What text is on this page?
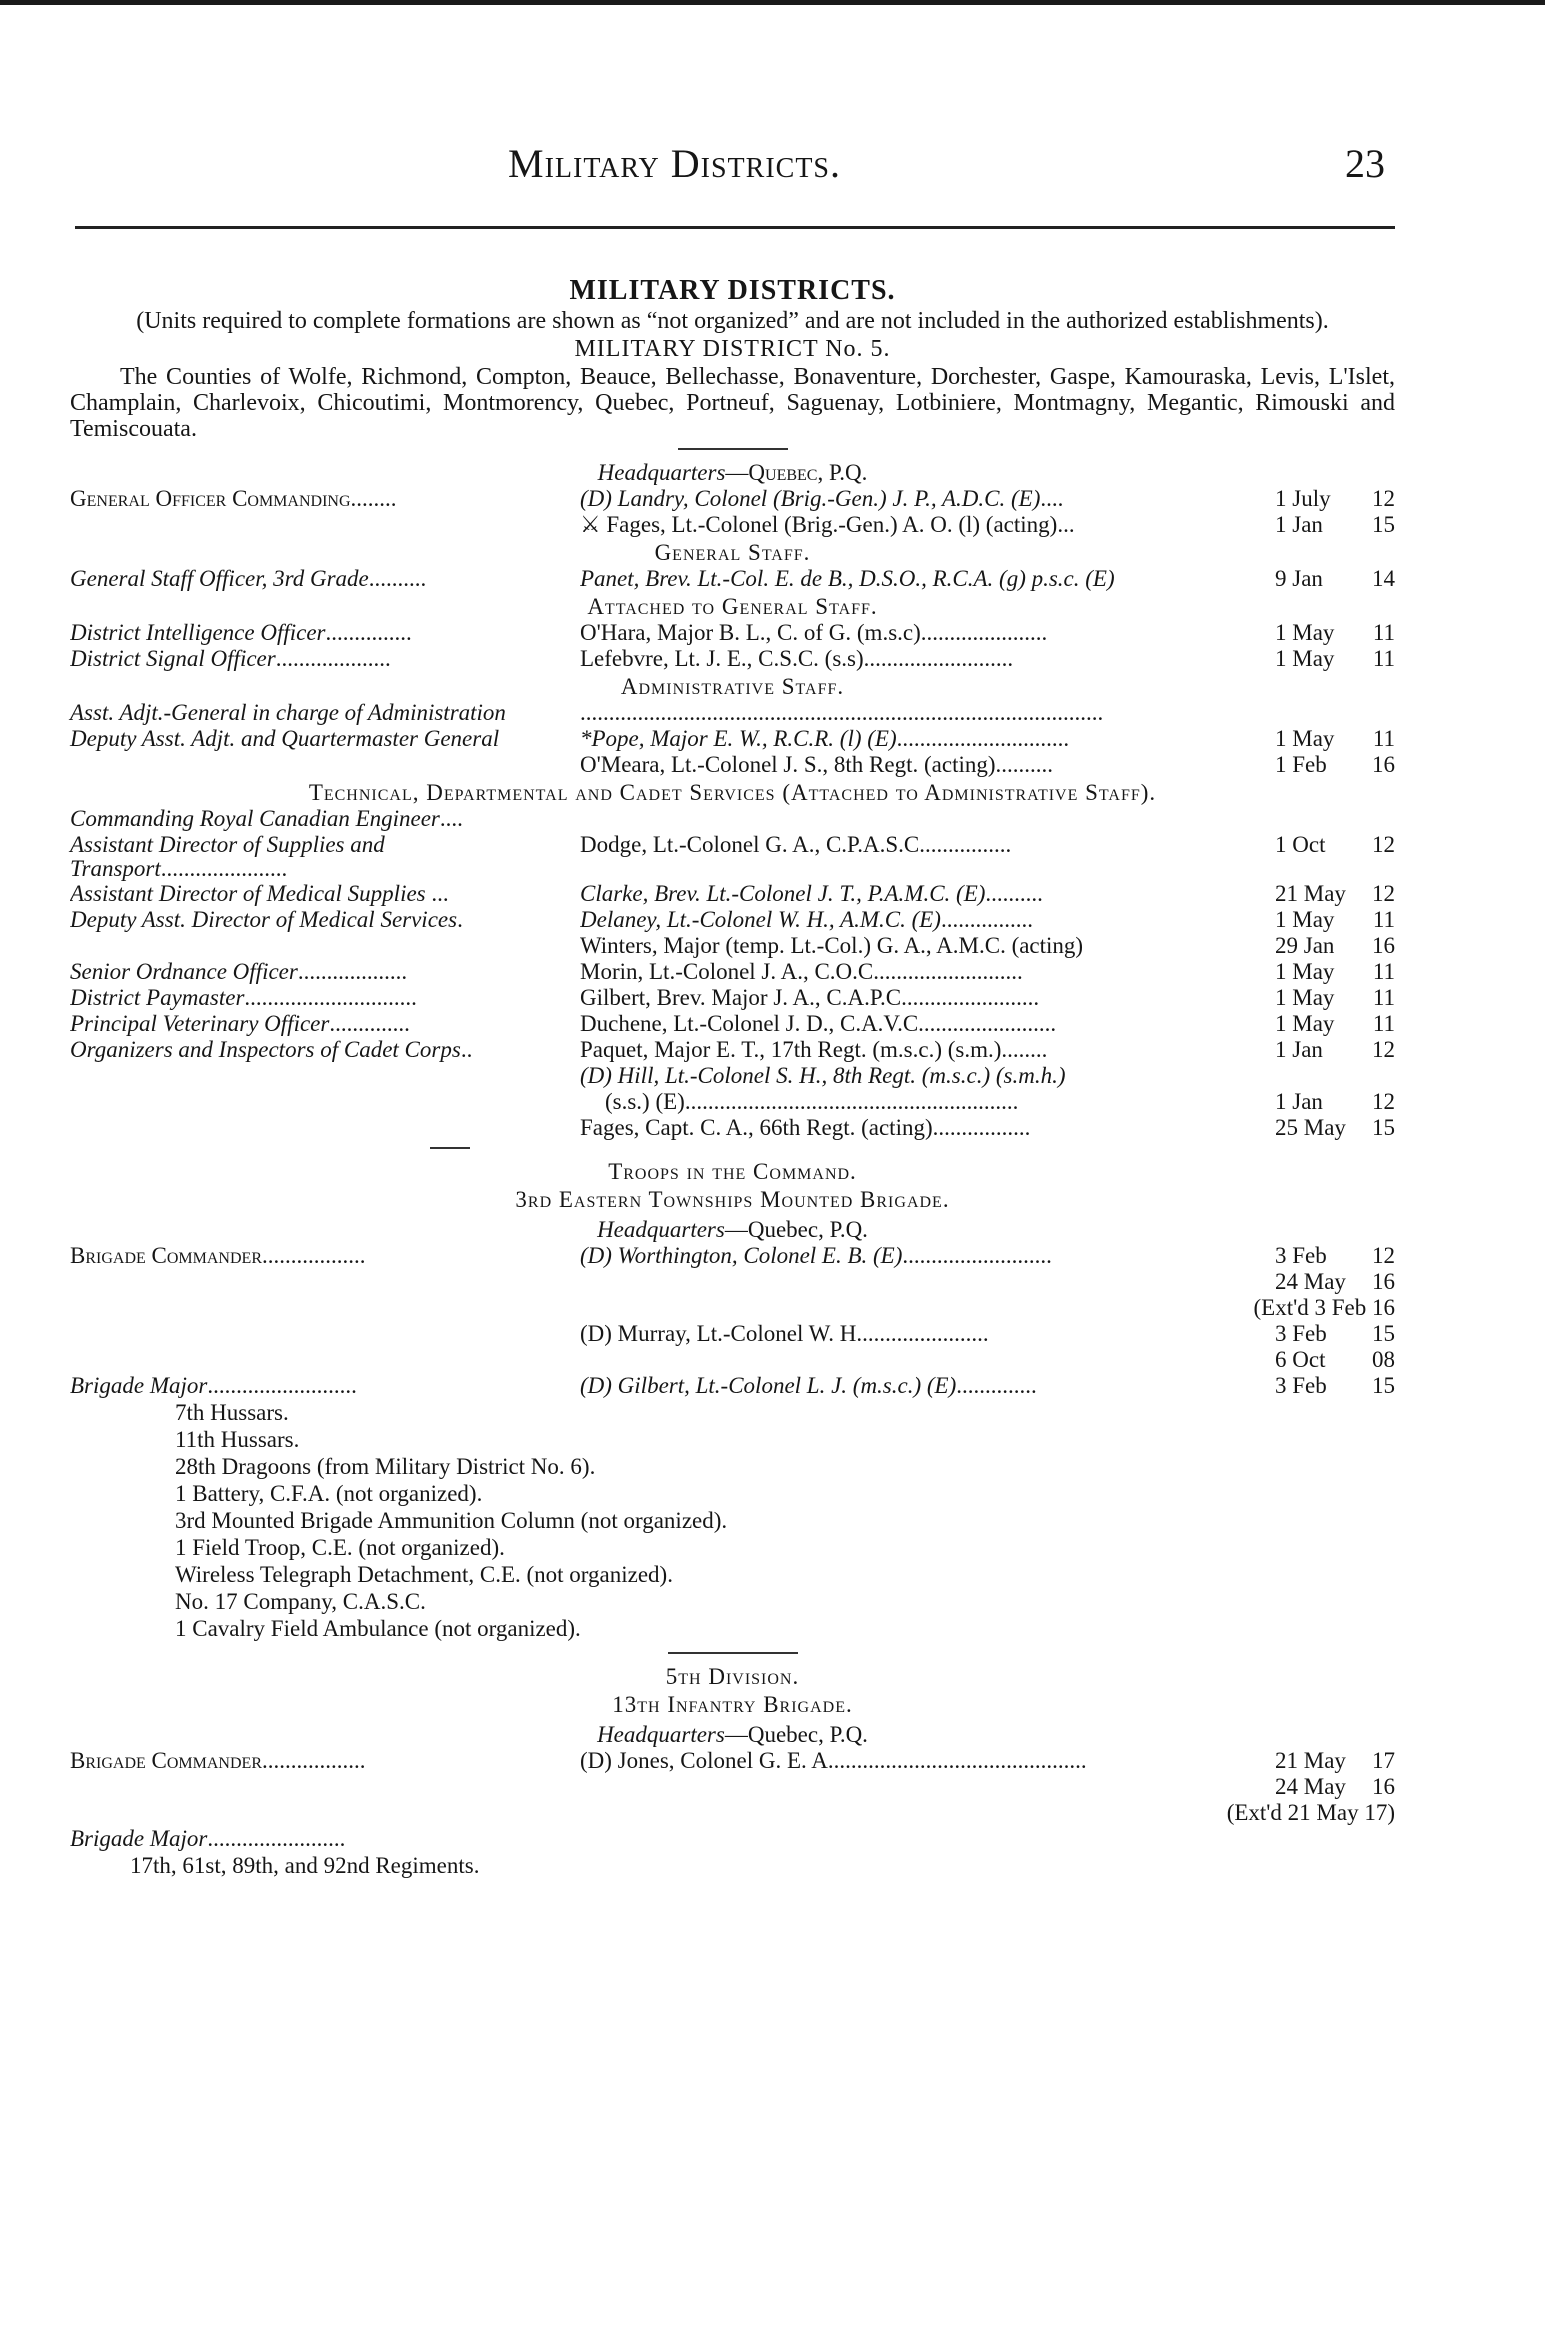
Military Districts.	23
MILITARY DISTRICTS.
(Units required to complete formations are shown as “not organized” and are not included in the authorized establishments).
MILITARY DISTRICT No. 5.
The Counties of Wolfe, Richmond, Compton, Beauce, Bellechasse, Bonaventure, Dorchester, Gaspe, Kamouraska, Levis, L'Islet, Champlain, Charlevoix, Chicoutimi, Montmorency, Quebec, Portneuf, Saguenay, Lotbiniere, Montmagny, Megantic, Rimouski and Temiscouata.
Headquarters—Quebec, P.Q.
General Officer Commanding........	(D) Landry, Colonel (Brig.-Gen.) J. P., A.D.C. (E)....	1 July	12
⚔ Fages, Lt.-Colonel (Brig.-Gen.) A. O. (l) (acting)...	1 Jan	15
General Staff.
General Staff Officer, 3rd Grade..........	Panet, Brev. Lt.-Col. E. de B., D.S.O., R.C.A. (g) p.s.c. (E)	9 Jan	14
Attached to General Staff.
District Intelligence Officer...............	O'Hara, Major B. L., C. of G. (m.s.c)......................	1 May	11
District Signal Officer....................	Lefebvre, Lt. J. E., C.S.C. (s.s)..........................	1 May	11
Administrative Staff.
Asst. Adjt.-General in charge of Administration	...........................................................................................
Deputy Asst. Adjt. and Quartermaster General	*Pope, Major E. W., R.C.R. (l) (E)..............................	1 May	11
O'Meara, Lt.-Colonel J. S., 8th Regt. (acting)..........	1 Feb	16
Technical, Departmental and Cadet Services (Attached to Administrative Staff).
Commanding Royal Canadian Engineer....
Assistant Director of Supplies and Transport......................
Dodge, Lt.-Colonel G. A., C.P.A.S.C................	1 Oct	12
Assistant Director of Medical Supplies ...	Clarke, Brev. Lt.-Colonel J. T., P.A.M.C. (E)..........	21 May	12
Deputy Asst. Director of Medical Services.	Delaney, Lt.-Colonel W. H., A.M.C. (E)................	1 May	11
Winters, Major (temp. Lt.-Col.) G. A., A.M.C. (acting)	29 Jan	16
Senior Ordnance Officer...................	Morin, Lt.-Colonel J. A., C.O.C..........................	1 May	11
District Paymaster..............................	Gilbert, Brev. Major J. A., C.A.P.C........................	1 May	11
Principal Veterinary Officer..............	Duchene, Lt.-Colonel J. D., C.A.V.C........................	1 May	11
Organizers and Inspectors of Cadet Corps..	Paquet, Major E. T., 17th Regt. (m.s.c.) (s.m.)........	1 Jan	12
(D) Hill, Lt.-Colonel S. H., 8th Regt. (m.s.c.) (s.m.h.)
(s.s.) (E)..........................................................	1 Jan	12
Fages, Capt. C. A., 66th Regt. (acting).................	25 May	15
Troops in the Command.
3rd Eastern Townships Mounted Brigade.
Headquarters—Quebec, P.Q.
Brigade Commander..................	(D) Worthington, Colonel E. B. (E)..........................	3 Feb	12
24 May	16
(Ext'd 3 Feb 16
(D) Murray, Lt.-Colonel W. H.......................	3 Feb	15
6 Oct	08
Brigade Major..........................	(D) Gilbert, Lt.-Colonel L. J. (m.s.c.) (E)..............	3 Feb	15
7th Hussars.
11th Hussars.
28th Dragoons (from Military District No. 6).
1 Battery, C.F.A. (not organized).
3rd Mounted Brigade Ammunition Column (not organized).
1 Field Troop, C.E. (not organized).
Wireless Telegraph Detachment, C.E. (not organized).
No. 17 Company, C.A.S.C.
1 Cavalry Field Ambulance (not organized).
5th Division.
13th Infantry Brigade.
Headquarters—Quebec, P.Q.
Brigade Commander..................	(D) Jones, Colonel G. E. A.............................................	21 May	17
24 May	16
(Ext'd 21 May 17)
Brigade Major........................
17th, 61st, 89th, and 92nd Regiments.
